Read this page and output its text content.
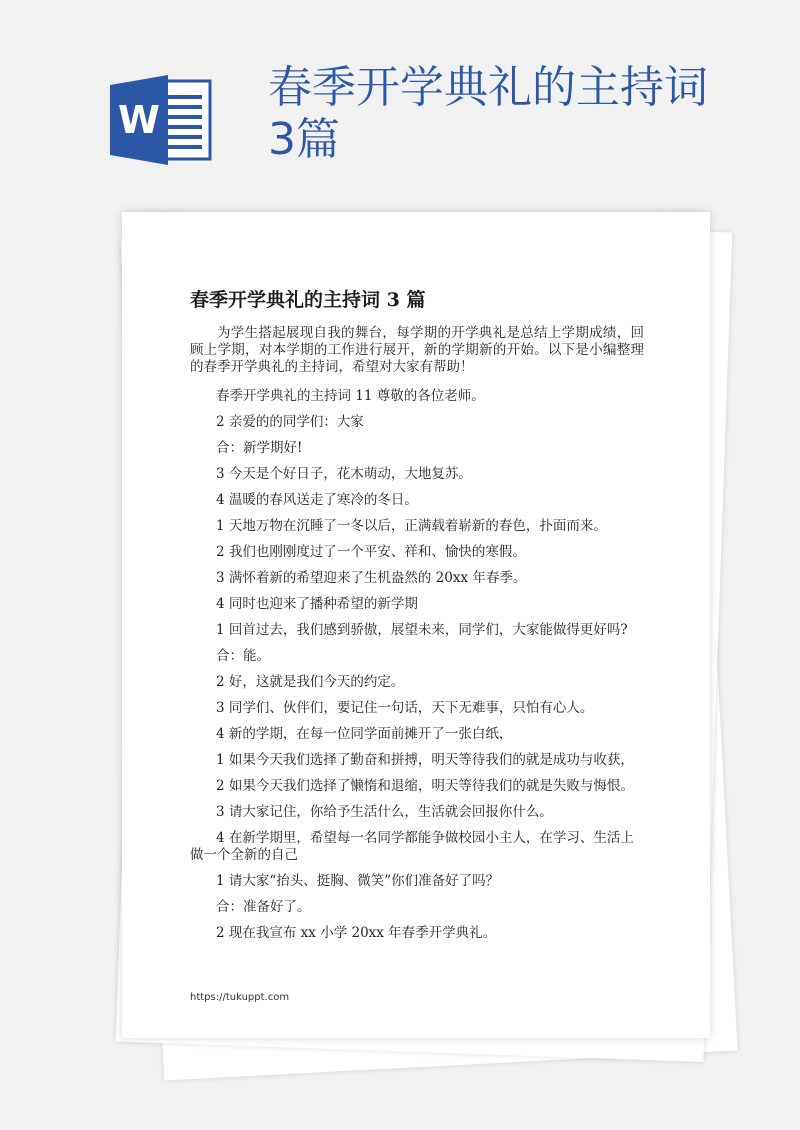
W
春季开学典礼的主持词
3篇
春季开学典礼的主持词 3 篇

为学生搭起展现自我的舞台，每学期的开学典礼是总结上学期成绩，回顾上学期，对本学期的工作进行展开，新的学期新的开始。以下是小编整理的春季开学典礼的主持词，希望对大家有帮助！

春季开学典礼的主持词 11 尊敬的各位老师。
2 亲爱的的同学们：大家
合：新学期好!
3 今天是个好日子，花木萌动，大地复苏。
4 温暖的春风送走了寒冷的冬日。
1 天地万物在沉睡了一冬以后，正满载着崭新的春色，扑面而来。
2 我们也刚刚度过了一个平安、祥和、愉快的寒假。
3 满怀着新的希望迎来了生机盎然的 20xx 年春季。
4 同时也迎来了播种希望的新学期
1 回首过去，我们感到骄傲，展望未来，同学们，大家能做得更好吗?
合：能。
2 好，这就是我们今天的约定。
3 同学们、伙伴们，要记住一句话，天下无难事，只怕有心人。
4 新的学期，在每一位同学面前摊开了一张白纸，
1 如果今天我们选择了勤奋和拼搏，明天等待我们的就是成功与收获，
2 如果今天我们选择了懒惰和退缩，明天等待我们的就是失败与悔恨。
3 请大家记住，你给予生活什么，生活就会回报你什么。
4 在新学期里，希望每一名同学都能争做校园小主人，在学习、生活上做一个全新的自己
1 请大家“抬头、挺胸、微笑”你们准备好了吗？
合：准备好了。
2 现在我宣布 xx 小学 20xx 年春季开学典礼。

https://tukuppt.com
